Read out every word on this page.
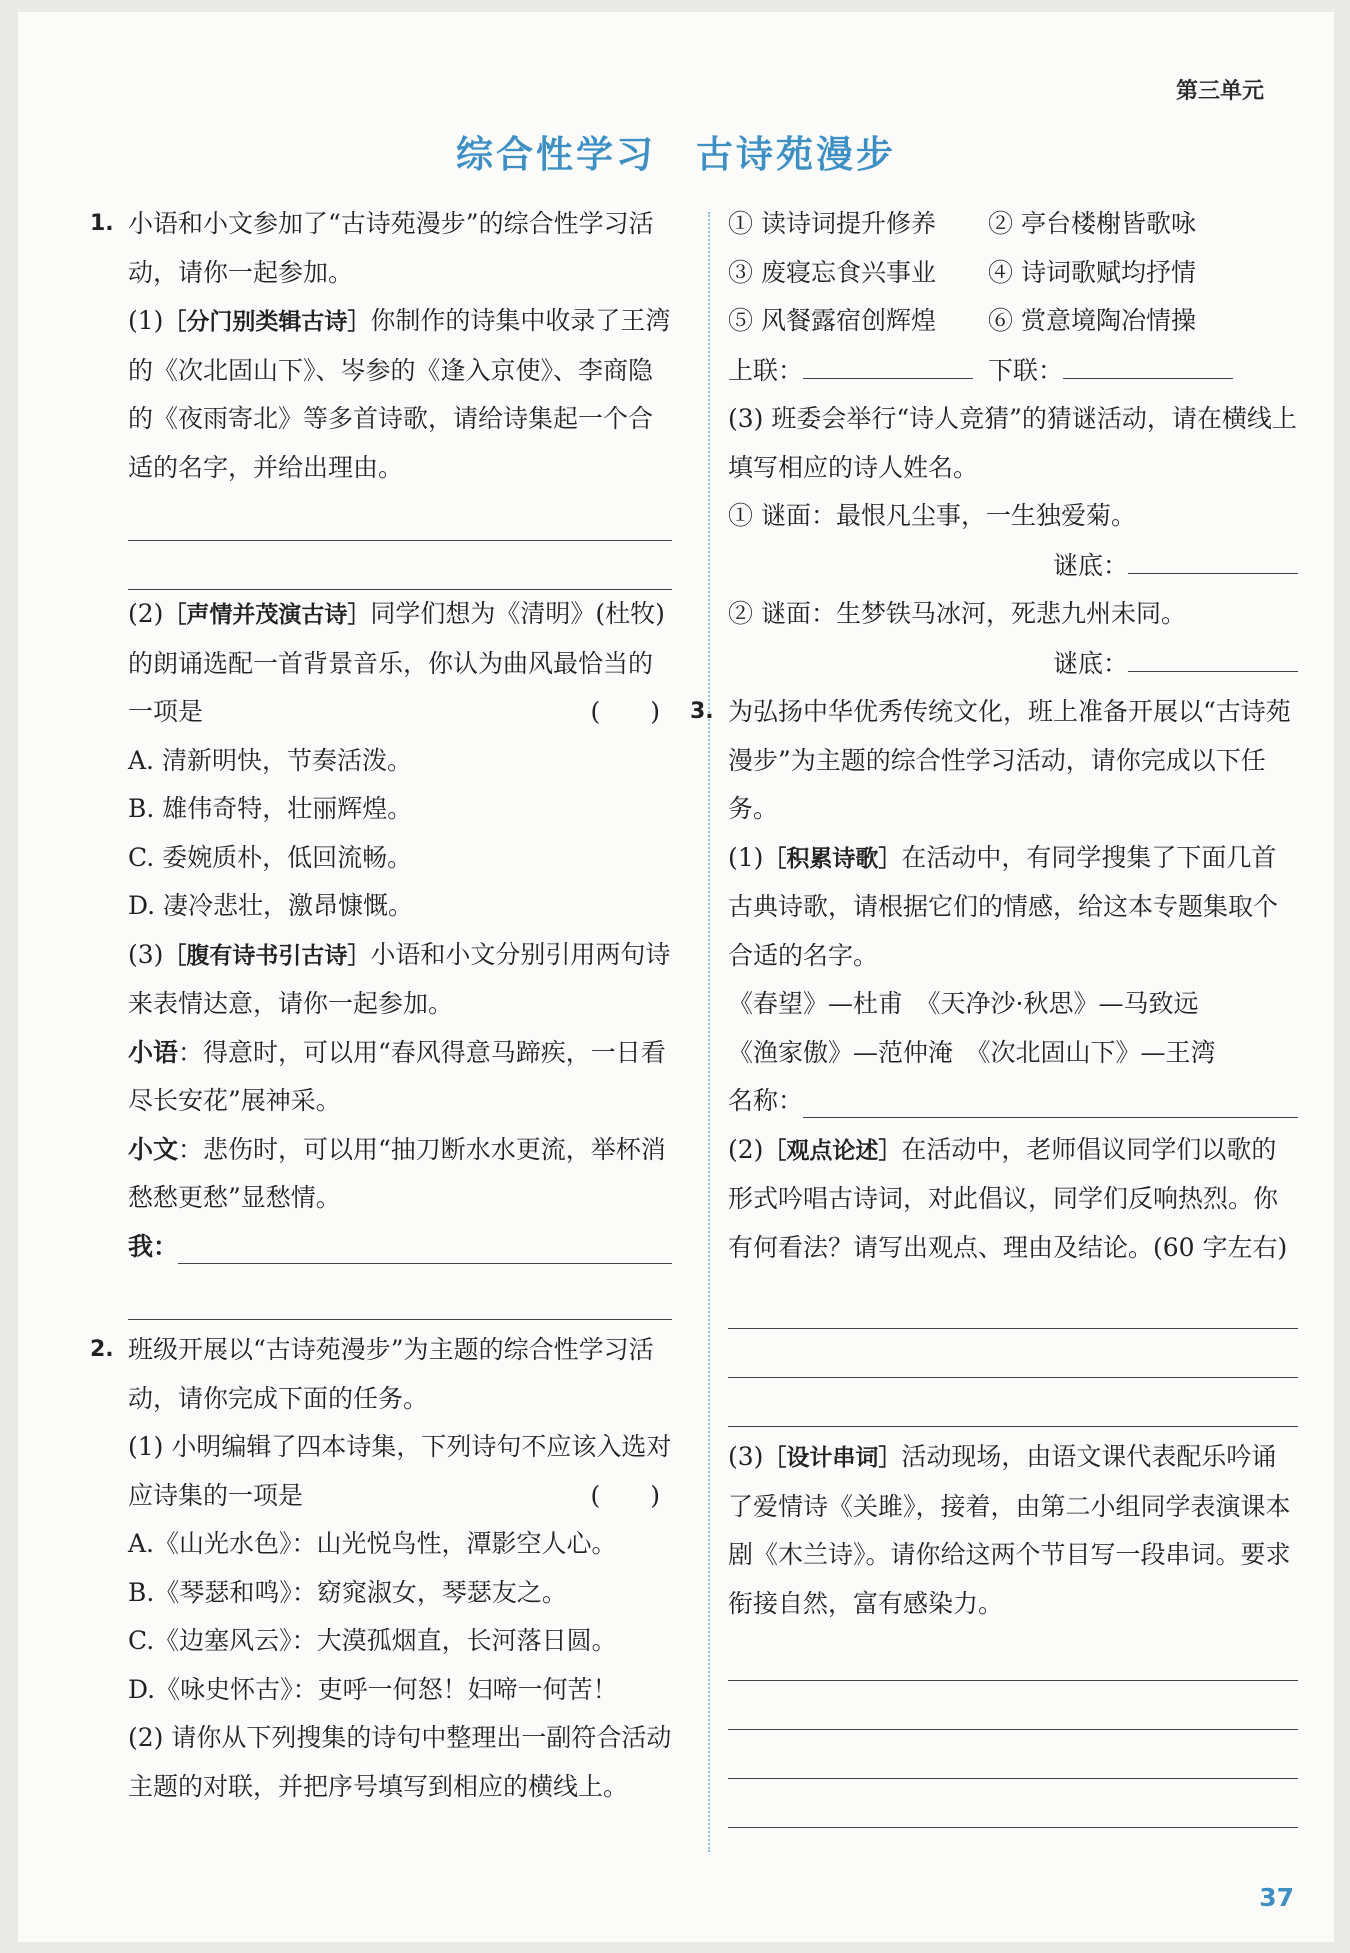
第三单元
综合性学习　古诗苑漫步
1. 小语和小文参加了“古诗苑漫步”的综合性学习活动，请你一起参加。

(1)［分门别类辑古诗］你制作的诗集中收录了王湾的《次北固山下》、岑参的《逢入京使》、李商隐的《夜雨寄北》等多首诗歌，请给诗集起一个合适的名字，并给出理由。

(2)［声情并茂演古诗］同学们想为《清明》(杜牧)的朗诵选配一首背景音乐，你认为曲风最恰当的一项是	(　　)

A. 清新明快，节奏活泼。

B. 雄伟奇特，壮丽辉煌。

C. 委婉质朴，低回流畅。

D. 凄冷悲壮，激昂慷慨。

(3)［腹有诗书引古诗］小语和小文分别引用两句诗来表情达意，请你一起参加。

小语：得意时，可以用“春风得意马蹄疾，一日看尽长安花”展神采。

小文：悲伤时，可以用“抽刀断水水更流，举杯消愁愁更愁”显愁情。

我：

2. 班级开展以“古诗苑漫步”为主题的综合性学习活动，请你完成下面的任务。

(1) 小明编辑了四本诗集，下列诗句不应该入选对应诗集的一项是	(　　)

A.《山光水色》：山光悦鸟性，潭影空人心。

B.《琴瑟和鸣》：窈窕淑女，琴瑟友之。

C.《边塞风云》：大漠孤烟直，长河落日圆。

D.《咏史怀古》：吏呼一何怒！妇啼一何苦！

(2) 请你从下列搜集的诗句中整理出一副符合活动主题的对联，并把序号填写到相应的横线上。

① 读诗词提升修养	② 亭台楼榭皆歌咏
③ 废寝忘食兴事业	④ 诗词歌赋均抒情
⑤ 风餐露宿创辉煌	⑥ 赏意境陶冶情操
上联：	下联：

(3) 班委会举行“诗人竞猜”的猜谜活动，请在横线上填写相应的诗人姓名。

① 谜面：最恨凡尘事，一生独爱菊。

谜底：

② 谜面：生梦铁马冰河，死悲九州未同。

谜底：

3. 为弘扬中华优秀传统文化，班上准备开展以“古诗苑漫步”为主题的综合性学习活动，请你完成以下任务。

(1)［积累诗歌］在活动中，有同学搜集了下面几首古典诗歌，请根据它们的情感，给这本专题集取个合适的名字。

《春望》—杜甫　《天净沙·秋思》—马致远

《渔家傲》—范仲淹　《次北固山下》—王湾

名称：

(2)［观点论述］在活动中，老师倡议同学们以歌的形式吟唱古诗词，对此倡议，同学们反响热烈。你有何看法？请写出观点、理由及结论。(60 字左右)

(3)［设计串词］活动现场，由语文课代表配乐吟诵了爱情诗《关雎》，接着，由第二小组同学表演课本剧《木兰诗》。请你给这两个节目写一段串词。要求衔接自然，富有感染力。

37
